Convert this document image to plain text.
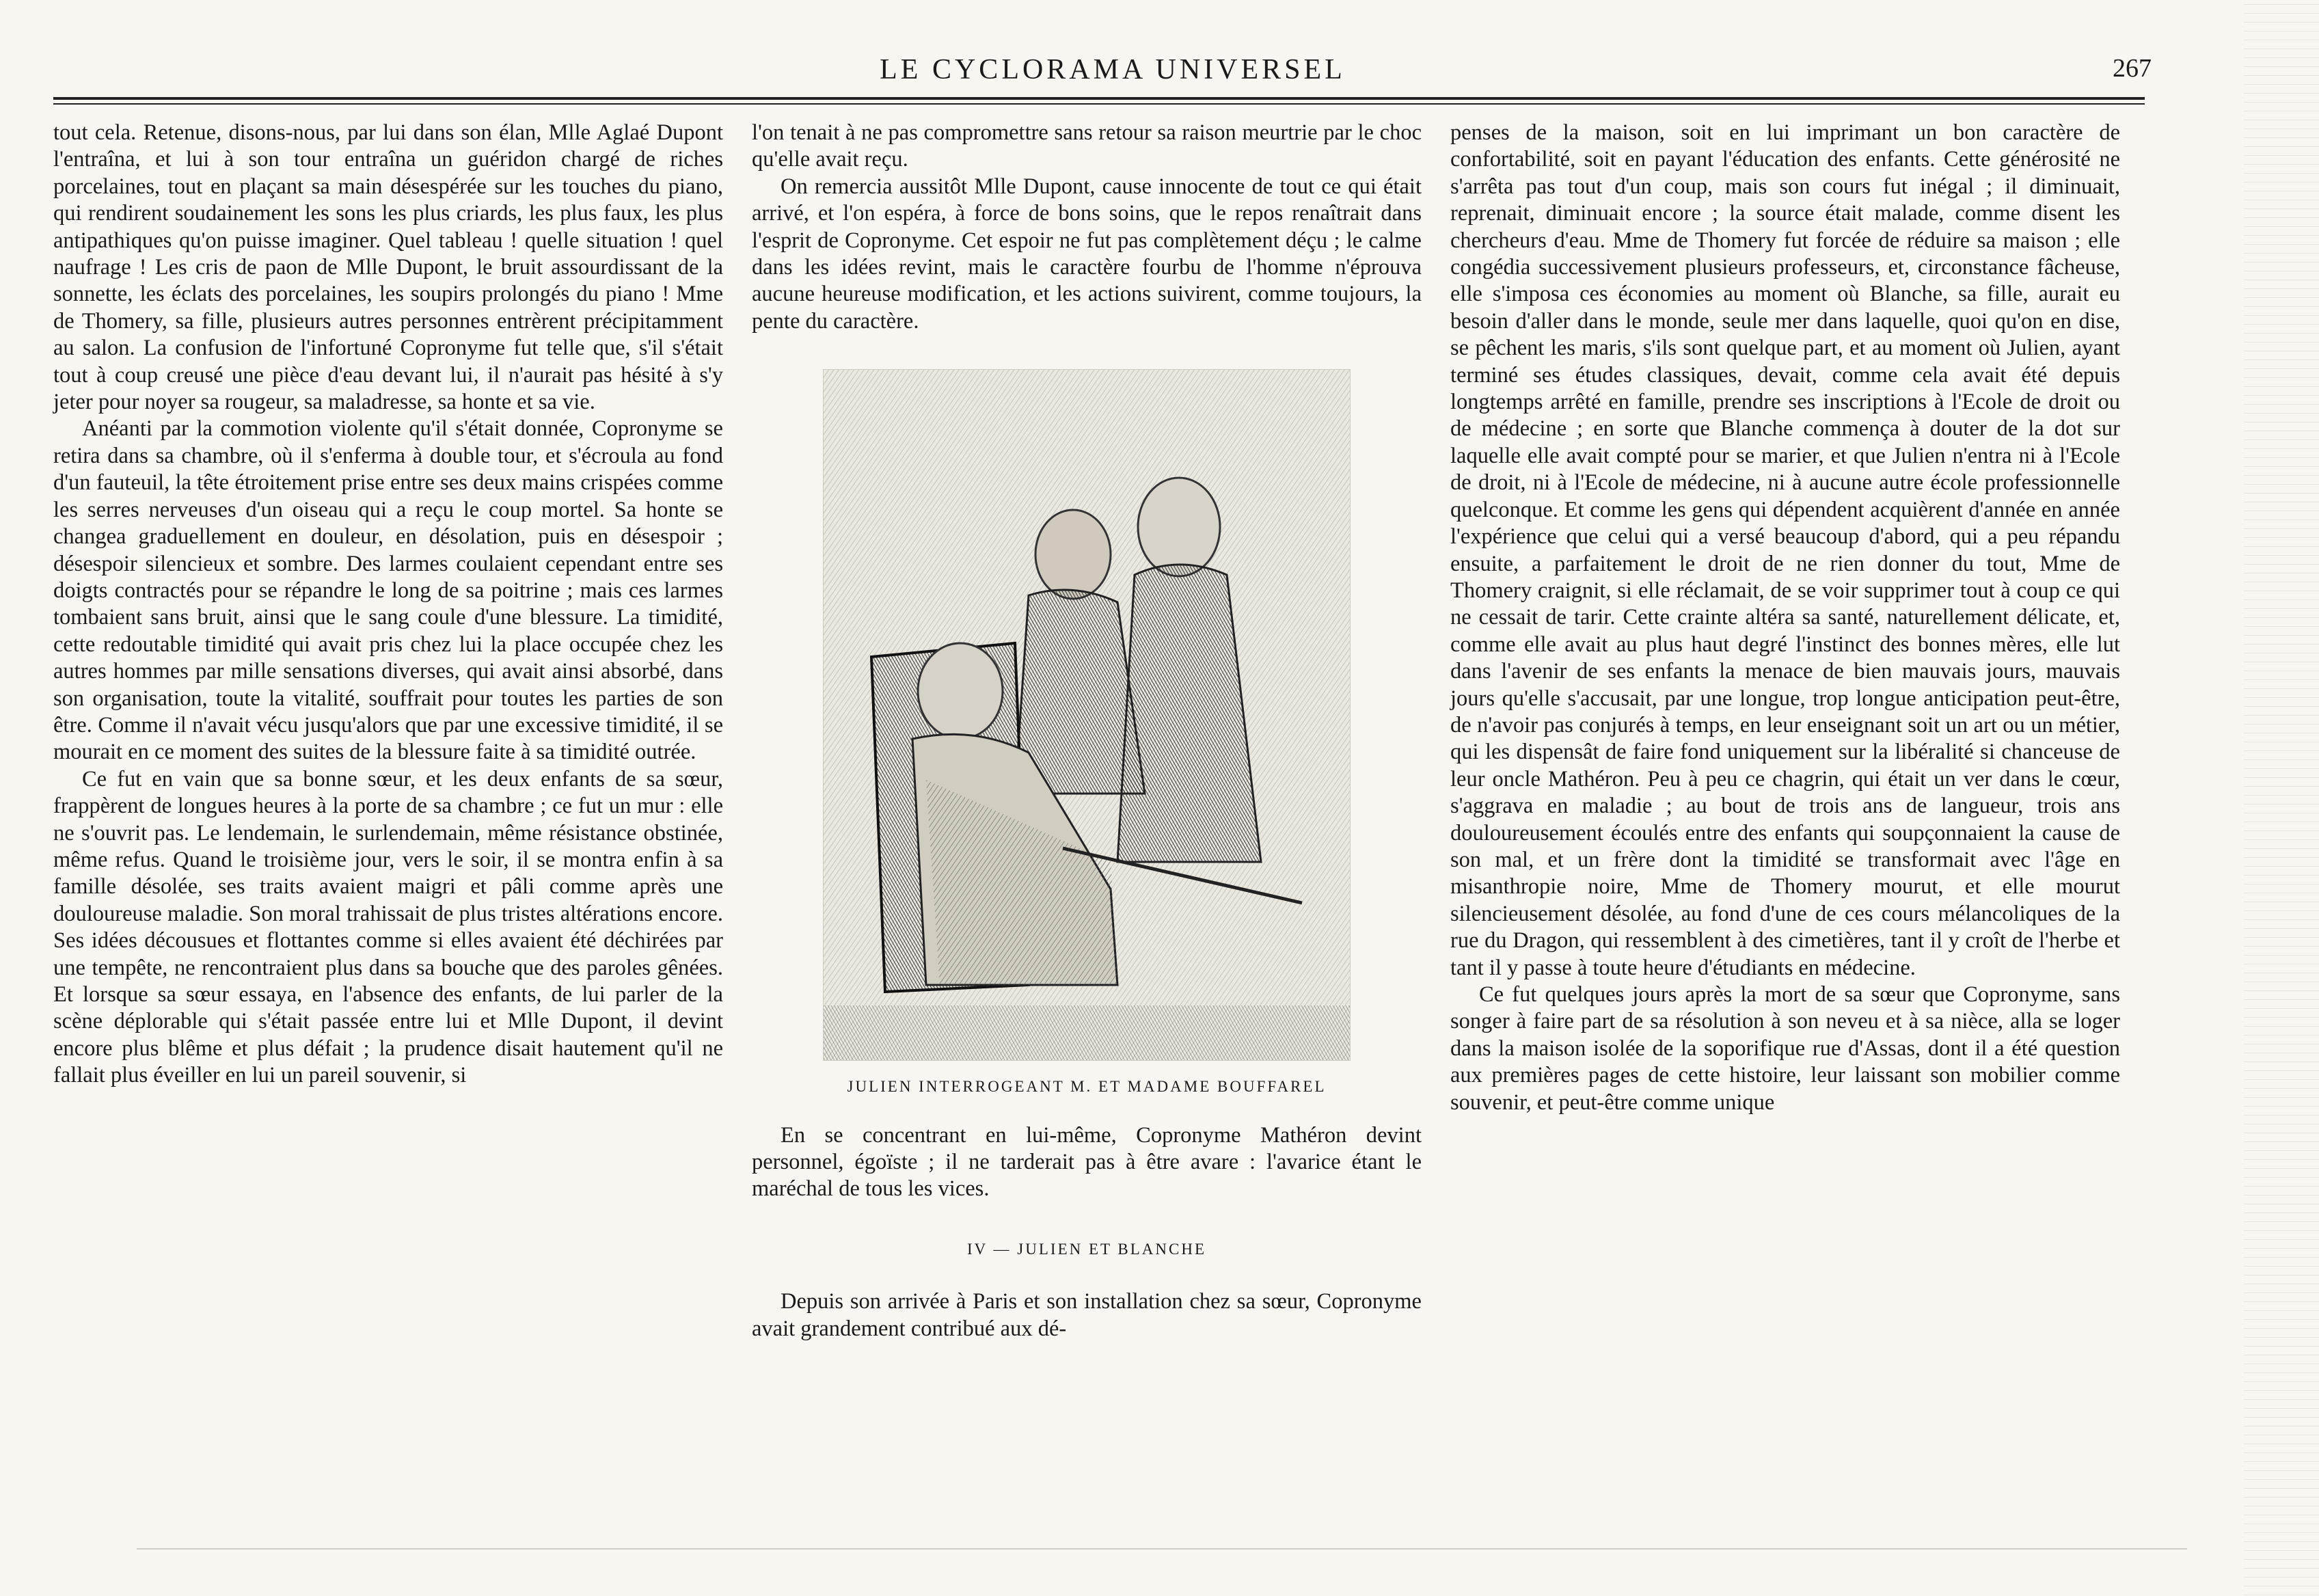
LE CYCLORAMA UNIVERSEL	267

tout cela. Retenue, disons-nous, par lui dans son élan, Mlle Aglaé Dupont l'entraîna, et lui à son tour entraîna un guéridon chargé de riches porcelaines, tout en plaçant sa main désespérée sur les touches du piano, qui rendirent soudainement les sons les plus criards, les plus faux, les plus antipathiques qu'on puisse imaginer. Quel tableau ! quelle situation ! quel naufrage ! Les cris de paon de Mlle Dupont, le bruit assourdissant de la sonnette, les éclats des porcelaines, les soupirs prolongés du piano ! Mme de Thomery, sa fille, plusieurs autres personnes entrèrent précipitamment au salon. La confusion de l'infortuné Copronyme fut telle que, s'il s'était tout à coup creusé une pièce d'eau devant lui, il n'aurait pas hésité à s'y jeter pour noyer sa rougeur, sa maladresse, sa honte et sa vie.

Anéanti par la commotion violente qu'il s'était donnée, Copronyme se retira dans sa chambre, où il s'enferma à double tour, et s'écroula au fond d'un fauteuil, la tête étroitement prise entre ses deux mains crispées comme les serres nerveuses d'un oiseau qui a reçu le coup mortel. Sa honte se changea graduellement en douleur, en désolation, puis en désespoir ; désespoir silencieux et sombre. Des larmes coulaient cependant entre ses doigts contractés pour se répandre le long de sa poitrine ; mais ces larmes tombaient sans bruit, ainsi que le sang coule d'une blessure. La timidité, cette redoutable timidité qui avait pris chez lui la place occupée chez les autres hommes par mille sensations diverses, qui avait ainsi absorbé, dans son organisation, toute la vitalité, souffrait pour toutes les parties de son être. Comme il n'avait vécu jusqu'alors que par une excessive timidité, il se mourait en ce moment des suites de la blessure faite à sa timidité outrée.

Ce fut en vain que sa bonne sœur, et les deux enfants de sa sœur, frappèrent de longues heures à la porte de sa chambre ; ce fut un mur : elle ne s'ouvrit pas. Le lendemain, le surlendemain, même résistance obstinée, même refus. Quand le troisième jour, vers le soir, il se montra enfin à sa famille désolée, ses traits avaient maigri et pâli comme après une douloureuse maladie. Son moral trahissait de plus tristes altérations encore. Ses idées décousues et flottantes comme si elles avaient été déchirées par une tempête, ne rencontraient plus dans sa bouche que des paroles gênées. Et lorsque sa sœur essaya, en l'absence des enfants, de lui parler de la scène déplorable qui s'était passée entre lui et Mlle Dupont, il devint encore plus blême et plus défait ; la prudence disait hautement qu'il ne fallait plus éveiller en lui un pareil souvenir, si

l'on tenait à ne pas compromettre sans retour sa raison meurtrie par le choc qu'elle avait reçu.

On remercia aussitôt Mlle Dupont, cause innocente de tout ce qui était arrivé, et l'on espéra, à force de bons soins, que le repos renaîtrait dans l'esprit de Copronyme. Cet espoir ne fut pas complètement déçu ; le calme dans les idées revint, mais le caractère fourbu de l'homme n'éprouva aucune heureuse modification, et les actions suivirent, comme toujours, la pente du caractère.

JULIEN INTERROGEANT M. ET MADAME BOUFFAREL

En se concentrant en lui-même, Copronyme Mathéron devint personnel, égoïste ; il ne tarderait pas à être avare : l'avarice étant le maréchal de tous les vices.

IV — JULIEN ET BLANCHE

Depuis son arrivée à Paris et son installation chez sa sœur, Copronyme avait grandement contribué aux dé-

penses de la maison, soit en lui imprimant un bon caractère de confortabilité, soit en payant l'éducation des enfants. Cette générosité ne s'arrêta pas tout d'un coup, mais son cours fut inégal ; il diminuait, reprenait, diminuait encore ; la source était malade, comme disent les chercheurs d'eau. Mme de Thomery fut forcée de réduire sa maison ; elle congédia successivement plusieurs professeurs, et, circonstance fâcheuse, elle s'imposa ces économies au moment où Blanche, sa fille, aurait eu besoin d'aller dans le monde, seule mer dans laquelle, quoi qu'on en dise, se pêchent les maris, s'ils sont quelque part, et au moment où Julien, ayant terminé ses études classiques, devait, comme cela avait été depuis longtemps arrêté en famille, prendre ses inscriptions à l'Ecole de droit ou de médecine ; en sorte que Blanche commença à douter de la dot sur laquelle elle avait compté pour se marier, et que Julien n'entra ni à l'Ecole de droit, ni à l'Ecole de médecine, ni à aucune autre école professionnelle quelconque. Et comme les gens qui dépendent acquièrent d'année en année l'expérience que celui qui a versé beaucoup d'abord, qui a peu répandu ensuite, a parfaitement le droit de ne rien donner du tout, Mme de Thomery craignit, si elle réclamait, de se voir supprimer tout à coup ce qui ne cessait de tarir. Cette crainte altéra sa santé, naturellement délicate, et, comme elle avait au plus haut degré l'instinct des bonnes mères, elle lut dans l'avenir de ses enfants la menace de bien mauvais jours, mauvais jours qu'elle s'accusait, par une longue, trop longue anticipation peut-être, de n'avoir pas conjurés à temps, en leur enseignant soit un art ou un métier, qui les dispensât de faire fond uniquement sur la libéralité si chanceuse de leur oncle Mathéron. Peu à peu ce chagrin, qui était un ver dans le cœur, s'aggrava en maladie ; au bout de trois ans de langueur, trois ans douloureusement écoulés entre des enfants qui soupçonnaient la cause de son mal, et un frère dont la timidité se transformait avec l'âge en misanthropie noire, Mme de Thomery mourut, et elle mourut silencieusement désolée, au fond d'une de ces cours mélancoliques de la rue du Dragon, qui ressemblent à des cimetières, tant il y croît de l'herbe et tant il y passe à toute heure d'étudiants en médecine.

Ce fut quelques jours après la mort de sa sœur que Copronyme, sans songer à faire part de sa résolution à son neveu et à sa nièce, alla se loger dans la maison isolée de la soporifique rue d'Assas, dont il a été question aux premières pages de cette histoire, leur laissant son mobilier comme souvenir, et peut-être comme unique
